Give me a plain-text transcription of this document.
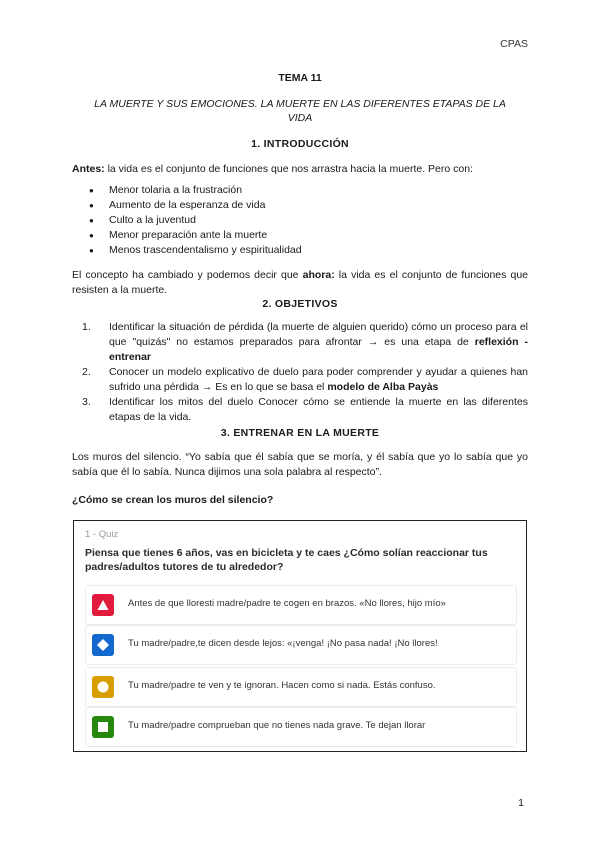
CPAS
TEMA 11
LA MUERTE Y SUS EMOCIONES. LA MUERTE EN LAS DIFERENTES ETAPAS DE LA VIDA
1. INTRODUCCIÓN
Antes: la vida es el conjunto de funciones que nos arrastra hacia la muerte. Pero con:
● Menor tolaria a la frustración
● Aumento de la esperanza de vida
● Culto a la juventud
● Menor preparación ante la muerte
● Menos trascendentalismo y espiritualidad
El concepto ha cambiado y podemos decir que ahora: la vida es el conjunto de funciones que resisten a la muerte.
2. OBJETIVOS
1. Identificar la situación de pérdida (la muerte de alguien querido) cómo un proceso para el que "quizás" no estamos preparados para afrontar → es una etapa de reflexión - entrenar
2. Conocer un modelo explicativo de duelo para poder comprender y ayudar a quienes han sufrido una pérdida → Es en lo que se basa el modelo de Alba Payàs
3. Identificar los mitos del duelo Conocer cómo se entiende la muerte en las diferentes etapas de la vida.
3. ENTRENAR EN LA MUERTE
Los muros del silencio. “Yo sabía que él sabía que se moría, y él sabía que yo lo sabía que yo sabía que él lo sabía. Nunca dijimos una sola palabra al respecto”.
¿Cómo se crean los muros del silencio?
1 - Quiz
Piensa que tienes 6 años, vas en bicicleta y te caes ¿Cómo solían reaccionar tus padres/adultos tutores de tu alrededor?
Antes de que lloresti madre/padre te cogen en brazos. «No llores, hijo mío»
Tu madre/padre,te dicen desde lejos: «¡venga! ¡No pasa nada! ¡No llores!
Tu madre/padre te ven y te ignoran. Hacen como si nada. Estás confuso.
Tu madre/padre comprueban que no tienes nada grave. Te dejan llorar
1
